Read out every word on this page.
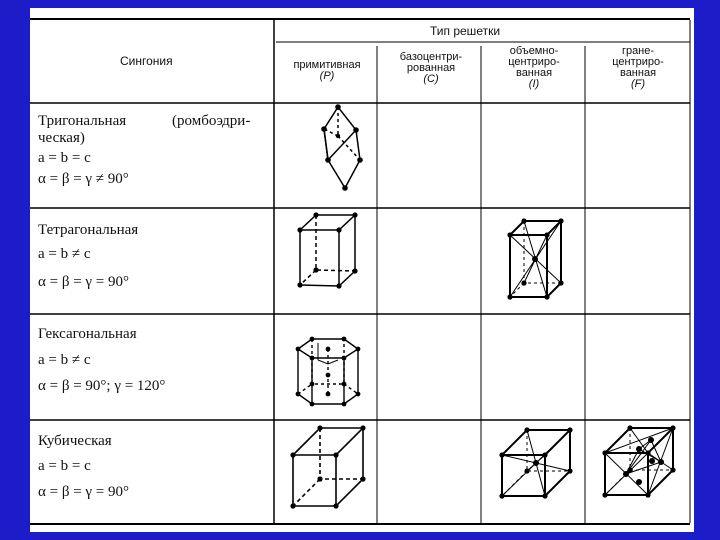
Тип решетки
Сингония	примитивная
(P)
базоцентри-
рованная
(C)
объемно-
центриро-
ванная
(I)
гране-
центриро-
ванная
(F)
Тригональная	(ромбоэдри-
ческая)
a = b = c
α = β = γ ≠ 90°
Тетрагональная
a = b ≠ c
α = β = γ = 90°
Гексагональная
a = b ≠ c
α = β = 90°; γ = 120°
Кубическая
a = b = c
α = β = γ = 90°
